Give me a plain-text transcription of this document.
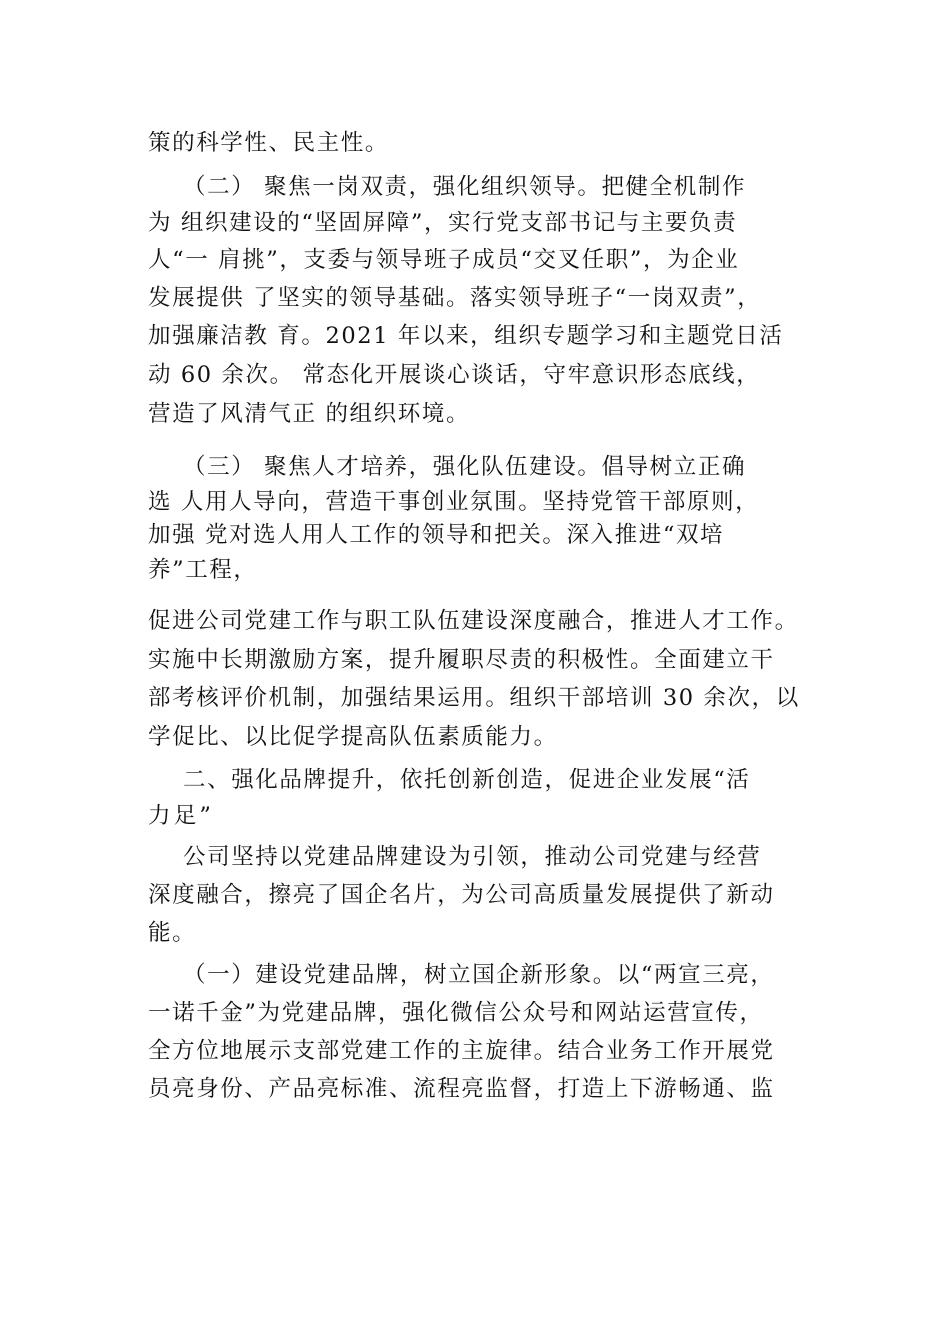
策的科学性、民主性。
（二） 聚焦一岗双责，强化组织领导。把健全机制作
为 组织建设的“坚固屏障”，实行党支部书记与主要负责
人“一 肩挑”，支委与领导班子成员“交叉任职”，为企业
发展提供 了坚实的领导基础。落实领导班子“一岗双责”，
加强廉洁教 育。2021 年以来，组织专题学习和主题党日活
动 60 余次。 常态化开展谈心谈话，守牢意识形态底线，
营造了风清气正 的组织环境。
（三） 聚焦人才培养，强化队伍建设。倡导树立正确
选 人用人导向，营造干事创业氛围。坚持党管干部原则，
加强 党对选人用人工作的领导和把关。深入推进“双培
养”工程，
促进公司党建工作与职工队伍建设深度融合，推进人才工作。
实施中长期激励方案，提升履职尽责的积极性。全面建立干
部考核评价机制，加强结果运用。组织干部培训 30 余次，以
学促比、以比促学提高队伍素质能力。
二、强化品牌提升，依托创新创造，促进企业发展“活
力足”
公司坚持以党建品牌建设为引领，推动公司党建与经营
深度融合，擦亮了国企名片，为公司高质量发展提供了新动
能。
（一）建设党建品牌，树立国企新形象。以“两宣三亮，
一诺千金”为党建品牌，强化微信公众号和网站运营宣传，
全方位地展示支部党建工作的主旋律。结合业务工作开展党
员亮身份、产品亮标准、流程亮监督，打造上下游畅通、监
